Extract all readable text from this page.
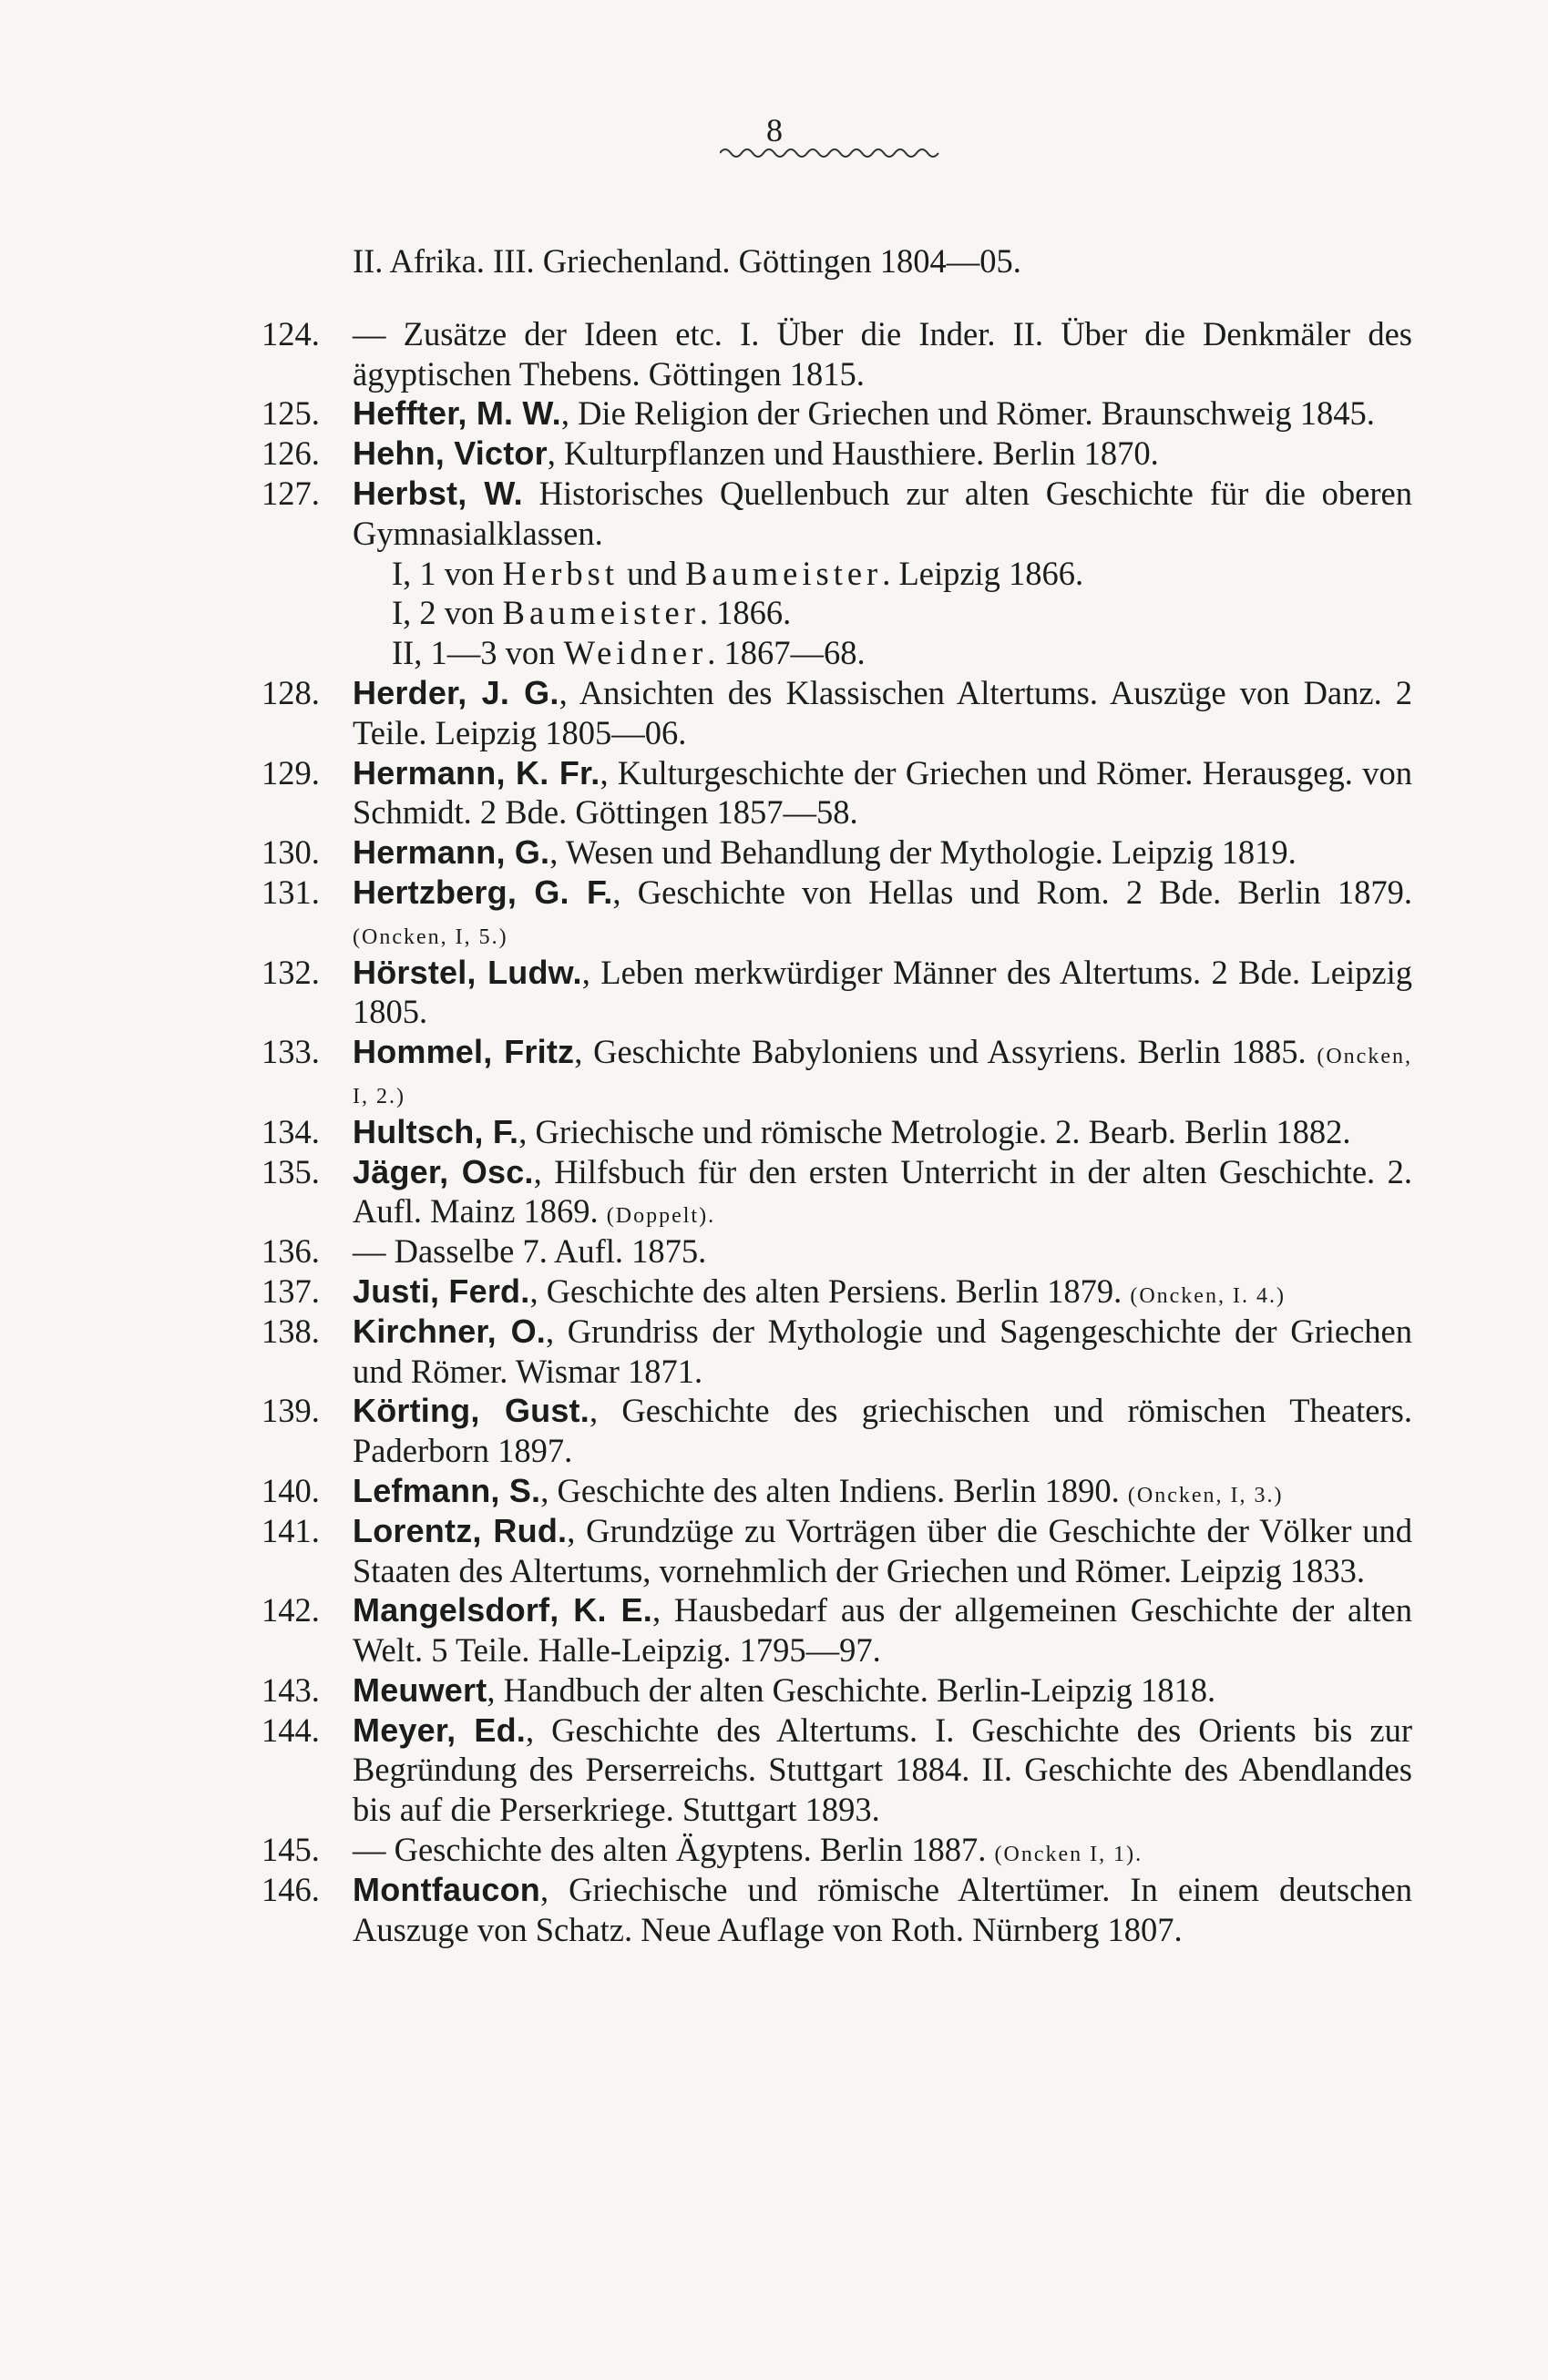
8

II. Afrika. III. Griechenland. Göttingen 1804—05.

124. — Zusätze der Ideen etc. I. Über die Inder. II. Über die Denkmäler des ägyptischen Thebens. Göttingen 1815.

125. Heffter, M. W., Die Religion der Griechen und Römer. Braunschweig 1845.

126. Hehn, Victor, Kulturpflanzen und Hausthiere. Berlin 1870.

127. Herbst, W. Historisches Quellenbuch zur alten Geschichte für die oberen Gymnasialklassen.

I, 1 von Herbst und Baumeister. Leipzig 1866.

I, 2 von Baumeister. 1866.

II, 1—3 von Weidner. 1867—68.

128. Herder, J. G., Ansichten des Klassischen Altertums. Auszüge von Danz. 2 Teile. Leipzig 1805—06.

129. Hermann, K. Fr., Kulturgeschichte der Griechen und Römer. Herausgeg. von Schmidt. 2 Bde. Göttingen 1857—58.

130. Hermann, G., Wesen und Behandlung der Mythologie. Leipzig 1819.

131. Hertzberg, G. F., Geschichte von Hellas und Rom. 2 Bde. Berlin 1879. (Oncken, I, 5.)

132. Hörstel, Ludw., Leben merkwürdiger Männer des Altertums. 2 Bde. Leipzig 1805.

133. Hommel, Fritz, Geschichte Babyloniens und Assyriens. Berlin 1885. (Oncken, I, 2.)

134. Hultsch, F., Griechische und römische Metrologie. 2. Bearb. Berlin 1882.

135. Jäger, Osc., Hilfsbuch für den ersten Unterricht in der alten Geschichte. 2. Aufl. Mainz 1869. (Doppelt).

136. — Dasselbe 7. Aufl. 1875.

137. Justi, Ferd., Geschichte des alten Persiens. Berlin 1879. (Oncken, I. 4.)

138. Kirchner, O., Grundriss der Mythologie und Sagengeschichte der Griechen und Römer. Wismar 1871.

139. Körting, Gust., Geschichte des griechischen und römischen Theaters. Paderborn 1897.

140. Lefmann, S., Geschichte des alten Indiens. Berlin 1890. (Oncken, I, 3.)

141. Lorentz, Rud., Grundzüge zu Vorträgen über die Geschichte der Völker und Staaten des Altertums, vornehmlich der Griechen und Römer. Leipzig 1833.

142. Mangelsdorf, K. E., Hausbedarf aus der allgemeinen Geschichte der alten Welt. 5 Teile. Halle-Leipzig. 1795—97.

143. Meuwert, Handbuch der alten Geschichte. Berlin-Leipzig 1818.

144. Meyer, Ed., Geschichte des Altertums. I. Geschichte des Orients bis zur Begründung des Perserreichs. Stuttgart 1884. II. Geschichte des Abendlandes bis auf die Perserkriege. Stuttgart 1893.

145. — Geschichte des alten Ägyptens. Berlin 1887. (Oncken I, 1).

146. Montfaucon, Griechische und römische Altertümer. In einem deutschen Auszuge von Schatz. Neue Auflage von Roth. Nürnberg 1807.
